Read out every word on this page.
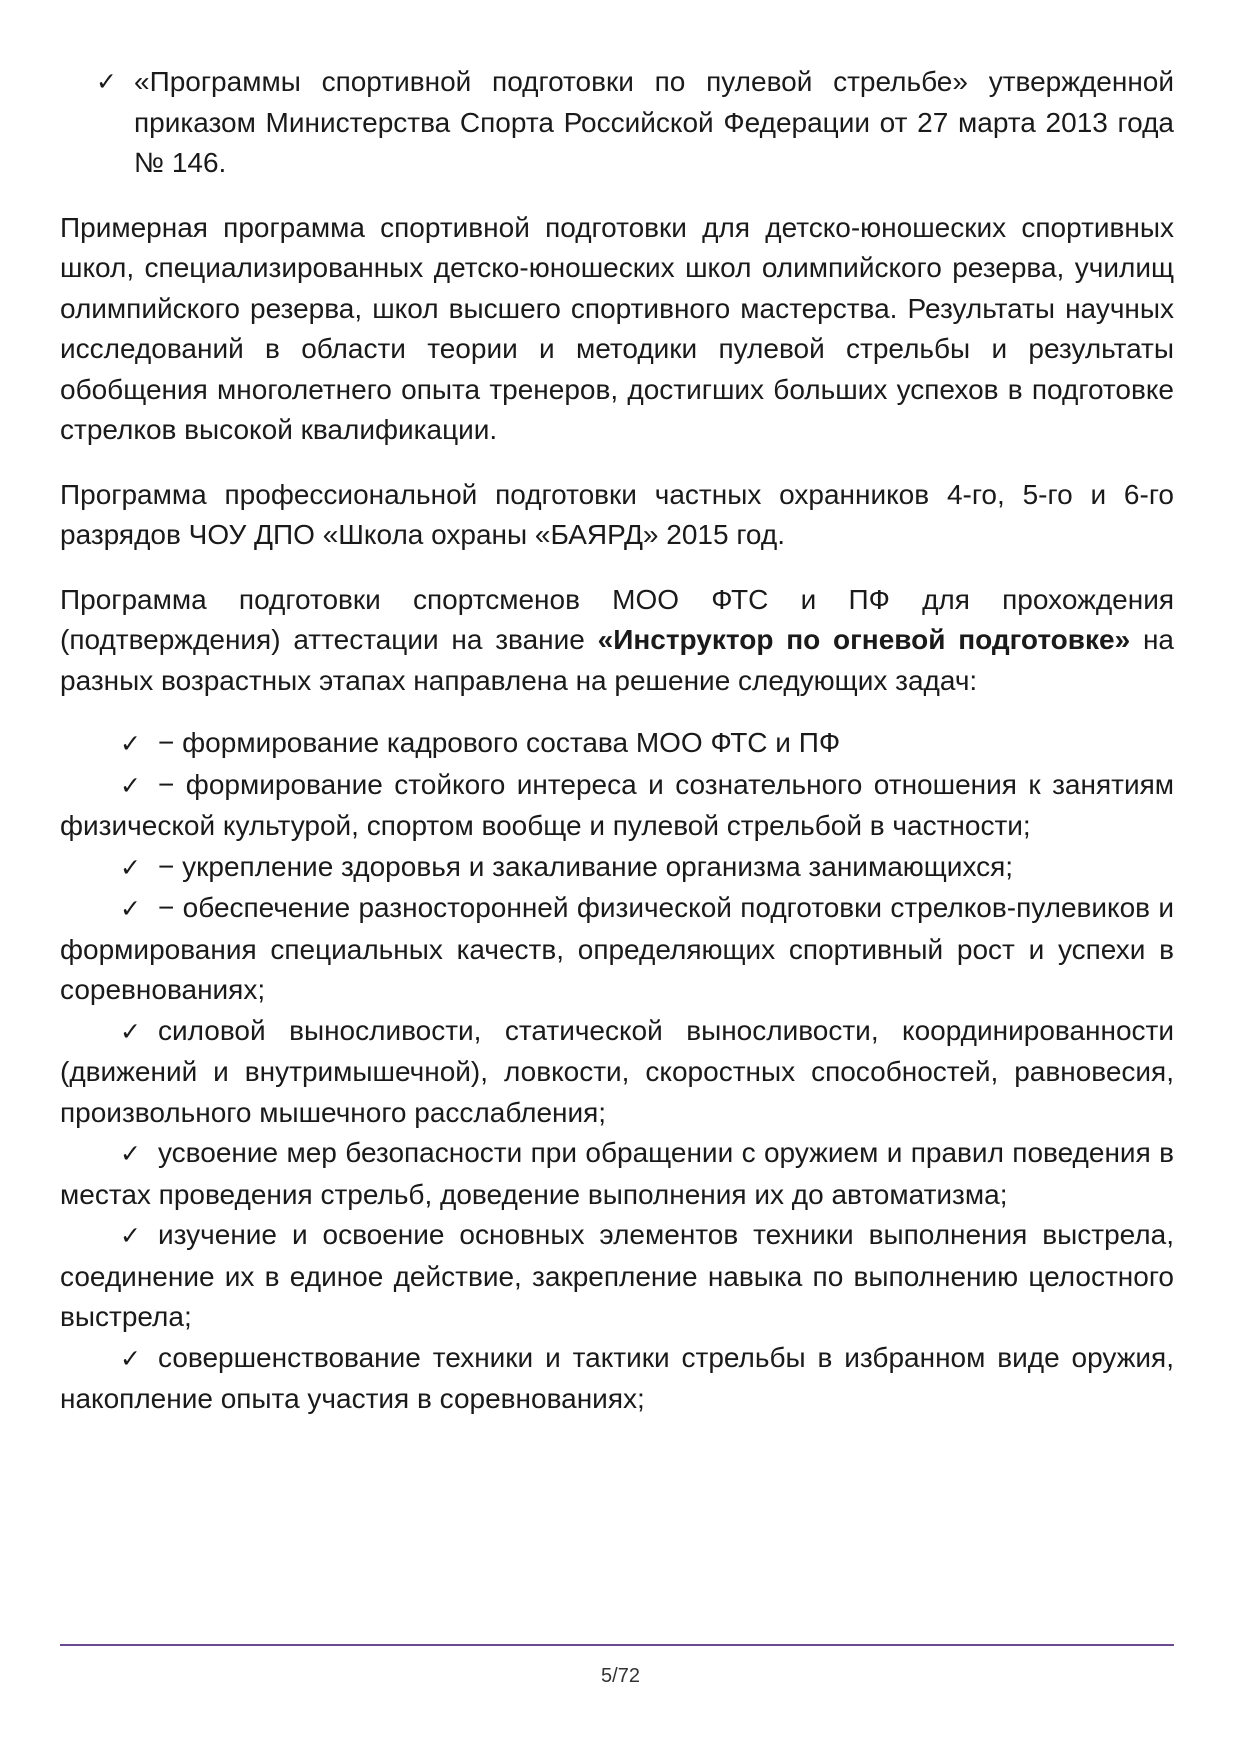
✓ «Программы спортивной подготовки по пулевой стрельбе» утвержденной приказом Министерства Спорта Российской Федерации от 27 марта 2013 года № 146.

Примерная программа спортивной подготовки для детско-юношеских спортивных школ, специализированных детско-юношеских школ олимпийского резерва, училищ олимпийского резерва, школ высшего спортивного мастерства. Результаты научных исследований в области теории и методики пулевой стрельбы и результаты обобщения многолетнего опыта тренеров, достигших больших успехов в подготовке стрелков высокой квалификации.

Программа профессиональной подготовки частных охранников 4-го, 5-го и 6-го разрядов ЧОУ ДПО «Школа охраны «БАЯРД» 2015 год.

Программа подготовки спортсменов МОО ФТС и ПФ для прохождения (подтверждения) аттестации на звание «Инструктор по огневой подготовке» на разных возрастных этапах направлена на решение следующих задач:

✓ − формирование кадрового состава МОО ФТС и ПФ

✓ − формирование стойкого интереса и сознательного отношения к занятиям физической культурой, спортом вообще и пулевой стрельбой в частности;

✓ − укрепление здоровья и закаливание организма занимающихся;

✓ − обеспечение разносторонней физической подготовки стрелков-пулевиков и формирования специальных качеств, определяющих спортивный рост и успехи в соревнованиях;

✓ силовой выносливости, статической выносливости, координированности (движений и внутримышечной), ловкости, скоростных способностей, равновесия, произвольного мышечного расслабления;

✓ усвоение мер безопасности при обращении с оружием и правил поведения в местах проведения стрельб, доведение выполнения их до автоматизма;

✓ изучение и освоение основных элементов техники выполнения выстрела, соединение их в единое действие, закрепление навыка по выполнению целостного выстрела;

✓ совершенствование техники и тактики стрельбы в избранном виде оружия, накопление опыта участия в соревнованиях;

5/72
